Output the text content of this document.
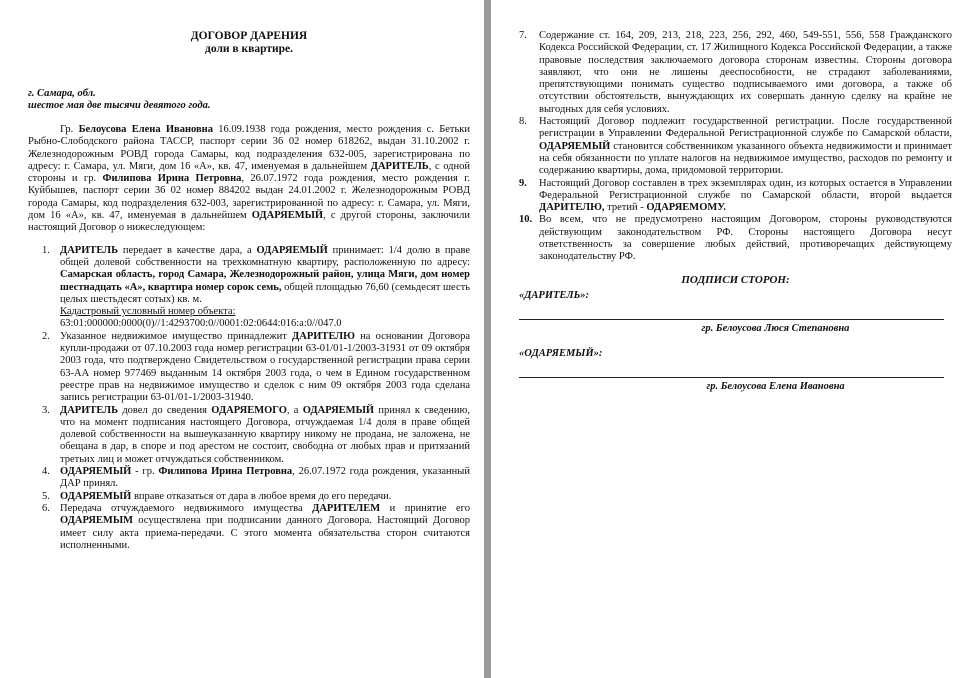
ДОГОВОР ДАРЕНИЯ
доли в квартире.
г. Самара, обл.
шестое мая две тысячи девятого года.

Гр. Белоусова Елена Ивановна 16.09.1938 года рождения, место рождения с. Бетьки Рыбно-Слободского района ТАССР, паспорт серии 36 02 номер 618262, выдан 31.10.2002 г. Железнодорожным РОВД города Самары, код подразделения 632-005, зарегистрирована по адресу: г. Самара, ул. Мяги, дом 16 «А», кв. 47, именуемая в дальнейшем ДАРИТЕЛЬ, с одной стороны и гр. Филипова Ирина Петровна, 26.07.1972 года рождения, место рождения г. Куйбышев, паспорт серии 36 02 номер 884202 выдан 24.01.2002 г. Железнодорожным РОВД города Самары, код подразделения 632-003, зарегистрированной по адресу: г. Самара, ул. Мяги, дом 16 «А», кв. 47, именуемая в дальнейшем ОДАРЯЕМЫЙ, с другой стороны, заключили настоящий Договор о нижеследующем:

1. ДАРИТЕЛЬ передает в качестве дара, а ОДАРЯЕМЫЙ принимает: 1/4 долю в праве общей долевой собственности на трехкомнатную квартиру, расположенную по адресу: Самарская область, город Самара, Железнодорожный район, улица Мяги, дом номер шестнадцать «А», квартира номер сорок семь, общей площадью 76,60 (семьдесят шесть целых шестьдесят сотых) кв. м.
Кадастровый условный номер объекта:
63:01:000000:0000(0)//1:4293700:0//0001:02:0644:016:а:0//047.0
2. Указанное недвижимое имущество принадлежит ДАРИТЕЛЮ на основании Договора купли-продажи от 07.10.2003 года номер регистрации 63-01/01-1/2003-31931 от 09 октября 2003 года, что подтверждено Свидетельством о государственной регистрации права серии 63-АА номер 977469 выданным 14 октября 2003 года, о чем в Едином государственном реестре прав на недвижимое имущество и сделок с ним 09 октября 2003 года сделана запись регистрации 63-01/01-1/2003-31940.
3. ДАРИТЕЛЬ довел до сведения ОДАРЯЕМОГО, а ОДАРЯЕМЫЙ принял к сведению, что на момент подписания настоящего Договора, отчуждаемая 1/4 доля в праве общей долевой собственности на вышеуказанную квартиру никому не продана, не заложена, не обещана в дар, в споре и под арестом не состоит, свободна от любых прав и притязаний третьих лиц и может отчуждаться собственником.
4. ОДАРЯЕМЫЙ - гр. Филипова Ирина Петровна, 26.07.1972 года рождения, указанный ДАР принял.
5. ОДАРЯЕМЫЙ вправе отказаться от дара в любое время до его передачи.
6. Передача отчуждаемого недвижимого имущества ДАРИТЕЛЕМ и принятие его ОДАРЯЕМЫМ осуществлена при подписании данного Договора. Настоящий Договор имеет силу акта приема-передачи. С этого момента обязательства сторон считаются исполненными.
7.	Содержание ст. 164, 209, 213, 218, 223, 256, 292, 460, 549-551, 556, 558 Гражданского Кодекса Российской Федерации, ст. 17 Жилищного Кодекса Российской Федерации, а также правовые последствия заключаемого договора сторонам известны. Стороны договора заявляют, что они не лишены дееспособности, не страдают заболеваниями, препятствующими понимать существо подписываемого ими договора, а также об отсутствии обстоятельств, вынуждающих их совершать данную сделку на крайне не выгодных для себя условиях.
8.	Настоящий Договор подлежит государственной регистрации. После государственной регистрации в Управлении Федеральной Регистрационной службе по Самарской области, ОДАРЯЕМЫЙ становится собственником указанного объекта недвижимости и принимает на себя обязанности по уплате налогов на недвижимое имущество, расходов по ремонту и содержанию квартиры, дома, придомовой территории.
9.	Настоящий Договор составлен в трех экземплярах один, из которых остается в Управлении Федеральной Регистрационной службе по Самарской области, второй выдается ДАРИТЕЛЮ, третий - ОДАРЯЕМОМУ.
10. Во всем, что не предусмотрено настоящим Договором, стороны руководствуются действующим законодательством РФ. Стороны настоящего Договора несут ответственность за совершение любых действий, противоречащих действующему законодательству РФ.
ПОДПИСИ СТОРОН:
«ДАРИТЕЛЬ»:
гр. Белоусова Люся Степановна
«ОДАРЯЕМЫЙ»:
гр. Белоусова Елена Ивановна
